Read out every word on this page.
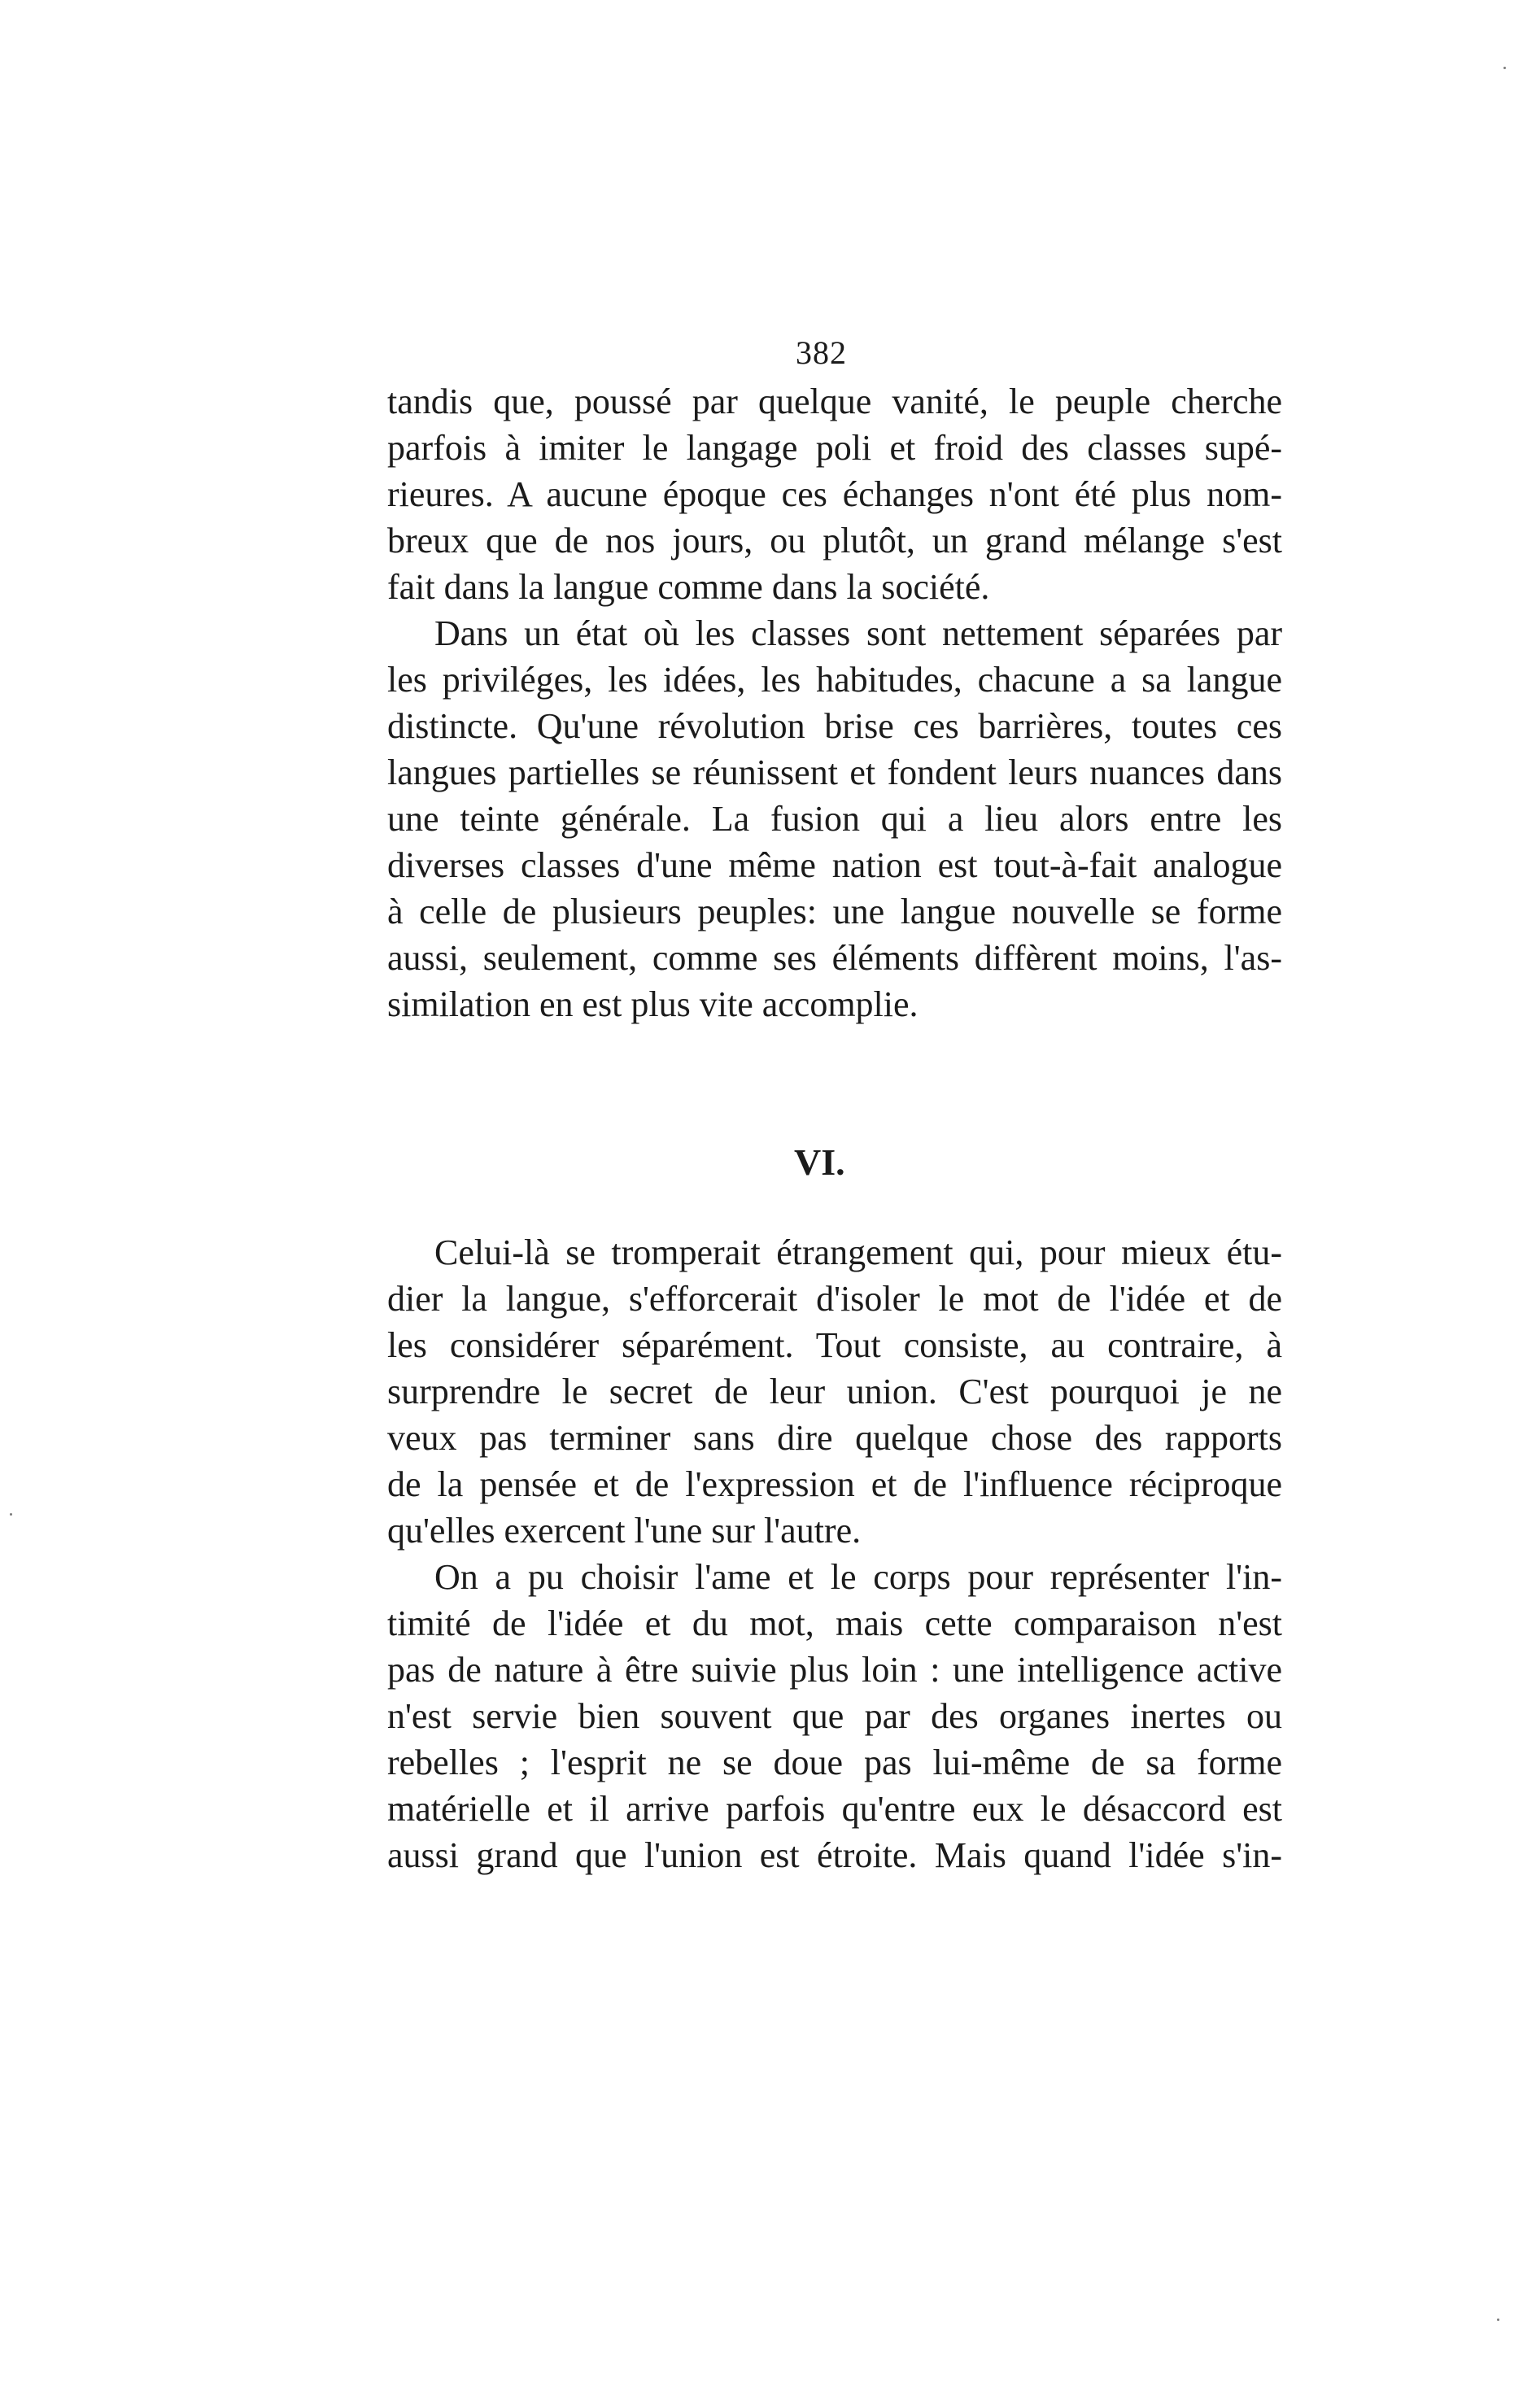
382
tandis que, poussé par quelque vanité, le peuple cherche
parfois à imiter le langage poli et froid des classes supé-
rieures. A aucune époque ces échanges n'ont été plus nom-
breux que de nos jours, ou plutôt, un grand mélange s'est
fait dans la langue comme dans la société.
Dans un état où les classes sont nettement séparées par
les priviléges, les idées, les habitudes, chacune a sa langue
distincte. Qu'une révolution brise ces barrières, toutes ces
langues partielles se réunissent et fondent leurs nuances dans
une teinte générale. La fusion qui a lieu alors entre les
diverses classes d'une même nation est tout-à-fait analogue
à celle de plusieurs peuples: une langue nouvelle se forme
aussi, seulement, comme ses éléments diffèrent moins, l'as-
similation en est plus vite accomplie.
VI.
Celui-là se tromperait étrangement qui, pour mieux étu-
dier la langue, s'efforcerait d'isoler le mot de l'idée et de
les considérer séparément. Tout consiste, au contraire, à
surprendre le secret de leur union. C'est pourquoi je ne
veux pas terminer sans dire quelque chose des rapports
de la pensée et de l'expression et de l'influence réciproque
qu'elles exercent l'une sur l'autre.
On a pu choisir l'ame et le corps pour représenter l'in-
timité de l'idée et du mot, mais cette comparaison n'est
pas de nature à être suivie plus loin : une intelligence active
n'est servie bien souvent que par des organes inertes ou
rebelles ; l'esprit ne se doue pas lui-même de sa forme
matérielle et il arrive parfois qu'entre eux le désaccord est
aussi grand que l'union est étroite. Mais quand l'idée s'in-
